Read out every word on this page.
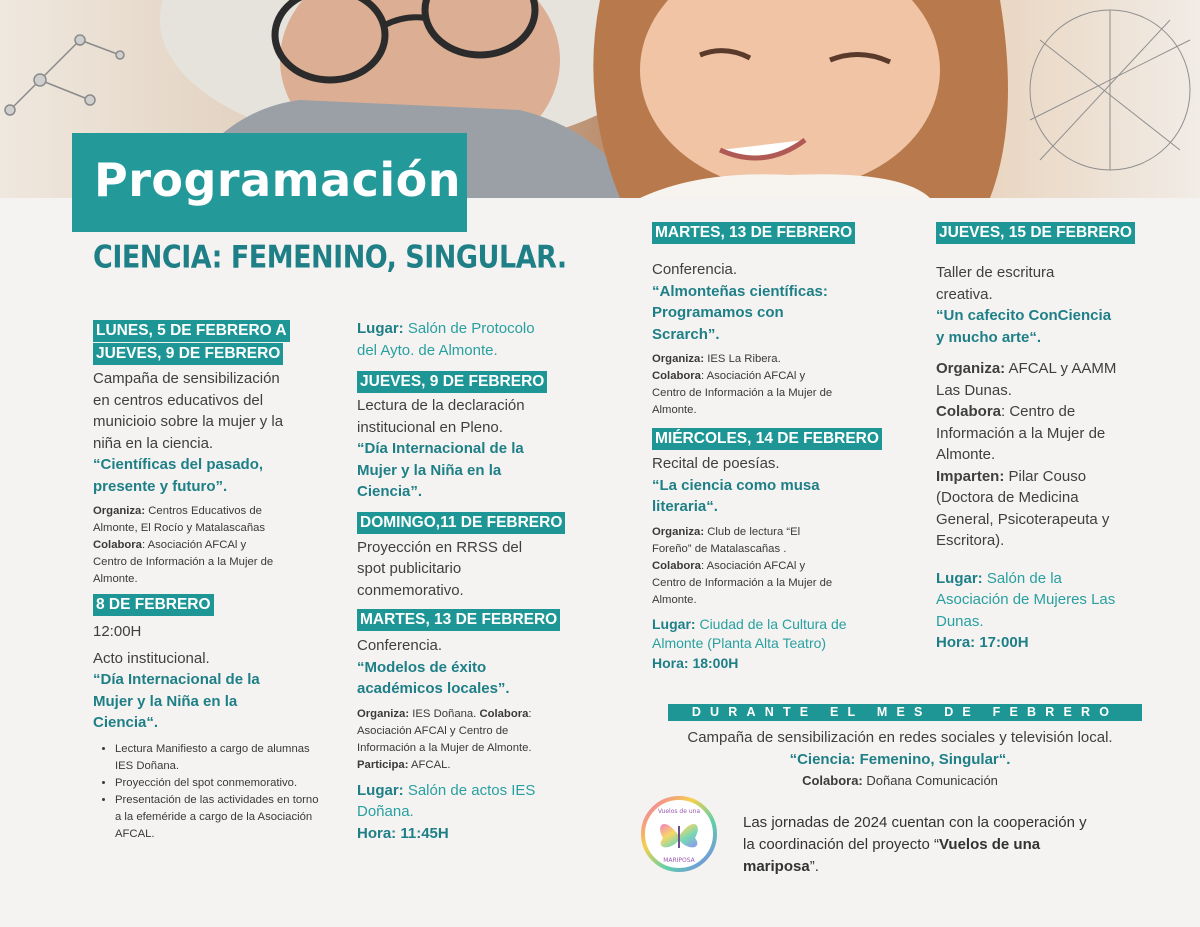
Programación
CIENCIA: FEMENINO, SINGULAR.
LUNES, 5 DE FEBRERO A
JUEVES, 9 DE FEBRERO
Campaña de sensibilización
en centros educativos del
municioio sobre la mujer y la
niña en la ciencia.
“Científicas del pasado,
presente y futuro”.
Organiza: Centros Educativos de
Almonte, El Rocío y Matalascañas
Colabora: Asociación AFCAl y
Centro de Información a la Mujer de
Almonte.
8 DE FEBRERO
12:00H
Acto institucional.
“Día Internacional de la
Mujer y la Niña en la
Ciencia“.
• Lectura Manifiesto a cargo de alumnas IES Doñana.
• Proyección del spot conmemorativo.
• Presentación de las actividades en torno a la efeméride a cargo de la Asociación AFCAL.
Lugar: Salón de Protocolo
del Ayto. de Almonte.
JUEVES, 9 DE FEBRERO
Lectura de la declaración
institucional en Pleno.
“Día Internacional de la
Mujer y la Niña en la
Ciencia”.
DOMINGO,11 DE FEBRERO
Proyección en RRSS del
spot publicitario
conmemorativo.
MARTES, 13 DE FEBRERO
Conferencia.
“Modelos de éxito
académicos locales”.
Organiza: IES Doñana. Colabora:
Asociación AFCAl y Centro de
Información a la Mujer de Almonte.
Participa: AFCAL.
Lugar: Salón de actos IES
Doñana.
Hora: 11:45H
MARTES, 13 DE FEBRERO
Conferencia.
“Almonteñas científicas:
Programamos con
Scrarch”.
Organiza: IES La Ribera.
Colabora: Asociación AFCAl y
Centro de Información a la Mujer de
Almonte.
MIÉRCOLES, 14 DE FEBRERO
Recital de poesías.
“La ciencia como musa
literaria“.
Organiza: Club de lectura “El
Foreño” de Matalascañas .
Colabora: Asociación AFCAl y
Centro de Información a la Mujer de
Almonte.
Lugar: Ciudad de la Cultura de
Almonte (Planta Alta Teatro)
Hora: 18:00H
JUEVES, 15 DE FEBRERO
Taller de escritura
creativa.
“Un cafecito ConCiencia
y mucho arte“.
Organiza: AFCAL y AAMM
Las Dunas.
Colabora: Centro de
Información a la Mujer de
Almonte.
Imparten: Pilar Couso
(Doctora de Medicina
General, Psicoterapeuta y
Escritora).
Lugar: Salón de la
Asociación de Mujeres Las
Dunas.
Hora: 17:00H
DURANTE EL MES DE FEBRERO
Campaña de sensibilización en redes sociales y televisión local.
“Ciencia: Femenino, Singular“.
Colabora: Doñana Comunicación
Vuelos de una
MARIPOSA
Las jornadas de 2024 cuentan con la cooperación y
la coordinación del proyecto “Vuelos de una
mariposa”.
